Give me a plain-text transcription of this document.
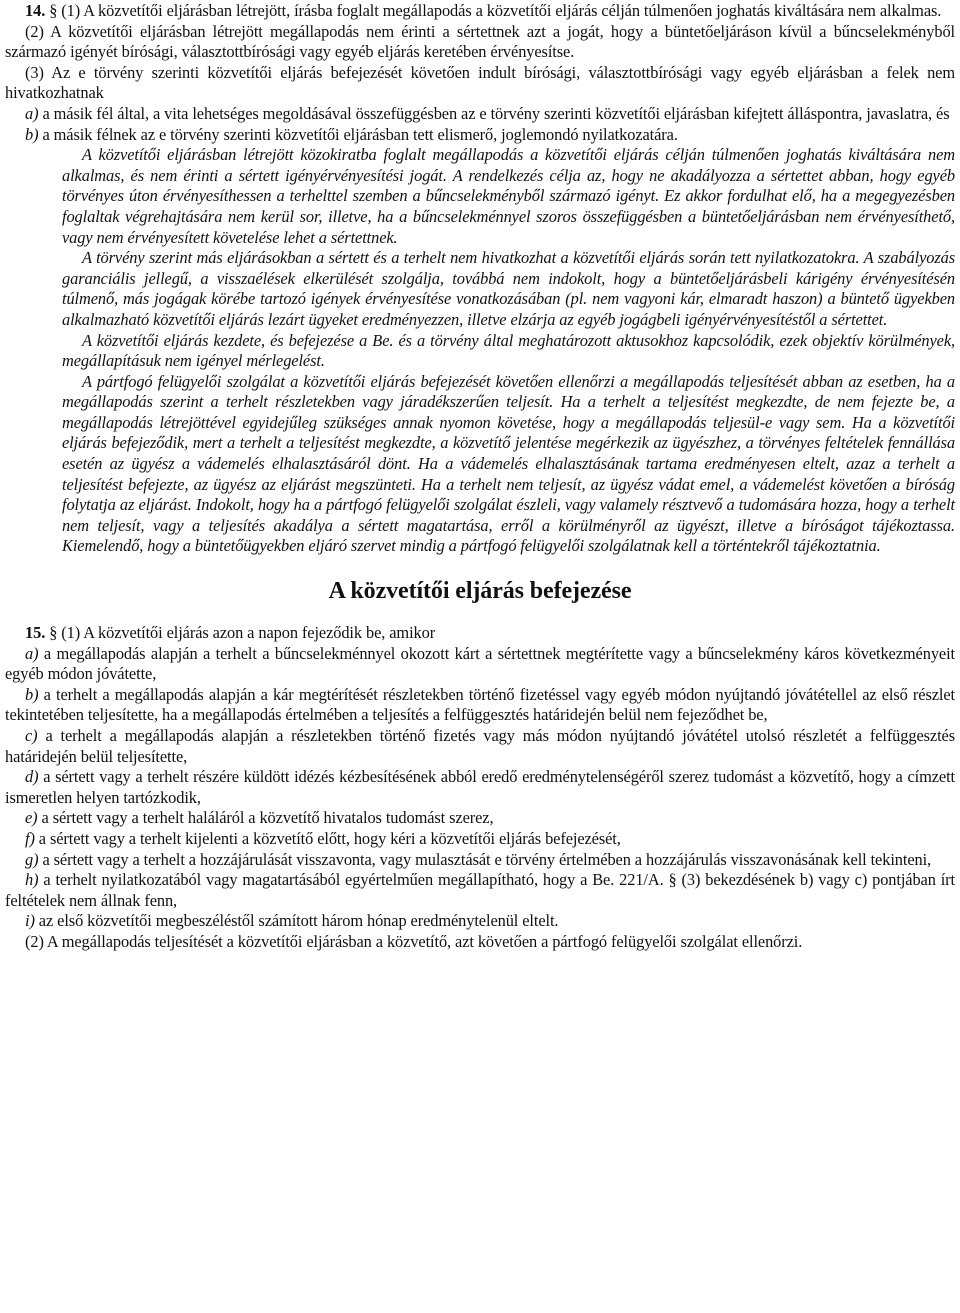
14. § (1) A közvetítői eljárásban létrejött, írásba foglalt megállapodás a közvetítői eljárás célján túlmenően joghatás kiváltására nem alkalmas.

(2) A közvetítői eljárásban létrejött megállapodás nem érinti a sértettnek azt a jogát, hogy a büntetőeljáráson kívül a bűncselekményből származó igényét bírósági, választottbírósági vagy egyéb eljárás keretében érvényesítse.

(3) Az e törvény szerinti közvetítői eljárás befejezését követően indult bírósági, választottbírósági vagy egyéb eljárásban a felek nem hivatkozhatnak

a) a másik fél által, a vita lehetséges megoldásával összefüggésben az e törvény szerinti közvetítői eljárásban kifejtett álláspontra, javaslatra, és

b) a másik félnek az e törvény szerinti közvetítői eljárásban tett elismerő, joglemondó nyilatkozatára.

A közvetítői eljárásban létrejött közokiratba foglalt megállapodás a közvetítői eljárás célján túlmenően joghatás kiváltására nem alkalmas, és nem érinti a sértett igényérvényesítési jogát. A rendelkezés célja az, hogy ne akadályozza a sértettet abban, hogy egyéb törvényes úton érvényesíthessen a terhelttel szemben a bűncselekményből származó igényt. Ez akkor fordulhat elő, ha a megegyezésben foglaltak végrehajtására nem kerül sor, illetve, ha a bűncselekménnyel szoros összefüggésben a büntetőeljárásban nem érvényesíthető, vagy nem érvényesített követelése lehet a sértettnek.

A törvény szerint más eljárásokban a sértett és a terhelt nem hivatkozhat a közvetítői eljárás során tett nyilatkozatokra. A szabályozás garanciális jellegű, a visszaélések elkerülését szolgálja, továbbá nem indokolt, hogy a büntetőeljárásbeli kárigény érvényesítésén túlmenő, más jogágak körébe tartozó igények érvényesítése vonatkozásában (pl. nem vagyoni kár, elmaradt haszon) a büntető ügyekben alkalmazható közvetítői eljárás lezárt ügyeket eredményezzen, illetve elzárja az egyéb jogágbeli igényérvényesítéstől a sértettet.

A közvetítői eljárás kezdete, és befejezése a Be. és a törvény által meghatározott aktusokhoz kapcsolódik, ezek objektív körülmények, megállapításuk nem igényel mérlegelést.

A pártfogó felügyelői szolgálat a közvetítői eljárás befejezését követően ellenőrzi a megállapodás teljesítését abban az esetben, ha a megállapodás szerint a terhelt részletekben vagy járadékszerűen teljesít. Ha a terhelt a teljesítést megkezdte, de nem fejezte be, a megállapodás létrejöttével egyidejűleg szükséges annak nyomon követése, hogy a megállapodás teljesül-e vagy sem. Ha a közvetítői eljárás befejeződik, mert a terhelt a teljesítést megkezdte, a közvetítő jelentése megérkezik az ügyészhez, a törvényes feltételek fennállása esetén az ügyész a vádemelés elhalasztásáról dönt. Ha a vádemelés elhalasztásának tartama eredményesen eltelt, azaz a terhelt a teljesítést befejezte, az ügyész az eljárást megszünteti. Ha a terhelt nem teljesít, az ügyész vádat emel, a vádemelést követően a bíróság folytatja az eljárást. Indokolt, hogy ha a pártfogó felügyelői szolgálat észleli, vagy valamely résztvevő a tudomására hozza, hogy a terhelt nem teljesít, vagy a teljesítés akadálya a sértett magatartása, erről a körülményről az ügyészt, illetve a bíróságot tájékoztassa. Kiemelendő, hogy a büntetőügyekben eljáró szervet mindig a pártfogó felügyelői szolgálatnak kell a történtekről tájékoztatnia.

A közvetítői eljárás befejezése

15. § (1) A közvetítői eljárás azon a napon fejeződik be, amikor

a) a megállapodás alapján a terhelt a bűncselekménnyel okozott kárt a sértettnek megtérítette vagy a bűncselekmény káros következményeit egyéb módon jóvátette,

b) a terhelt a megállapodás alapján a kár megtérítését részletekben történő fizetéssel vagy egyéb módon nyújtandó jóvátétellel az első részlet tekintetében teljesítette, ha a megállapodás értelmében a teljesítés a felfüggesztés határidején belül nem fejeződhet be,

c) a terhelt a megállapodás alapján a részletekben történő fizetés vagy más módon nyújtandó jóvátétel utolsó részletét a felfüggesztés határidején belül teljesítette,

d) a sértett vagy a terhelt részére küldött idézés kézbesítésének abból eredő eredménytelenségéről szerez tudomást a közvetítő, hogy a címzett ismeretlen helyen tartózkodik,

e) a sértett vagy a terhelt haláláról a közvetítő hivatalos tudomást szerez,

f) a sértett vagy a terhelt kijelenti a közvetítő előtt, hogy kéri a közvetítői eljárás befejezését,

g) a sértett vagy a terhelt a hozzájárulását visszavonta, vagy mulasztását e törvény értelmében a hozzájárulás visszavonásának kell tekinteni,

h) a terhelt nyilatkozatából vagy magatartásából egyértelműen megállapítható, hogy a Be. 221/A. § (3) bekezdésének b) vagy c) pontjában írt feltételek nem állnak fenn,

i) az első közvetítői megbeszéléstől számított három hónap eredménytelenül eltelt.

(2) A megállapodás teljesítését a közvetítői eljárásban a közvetítő, azt követően a pártfogó felügyelői szolgálat ellenőrzi.
